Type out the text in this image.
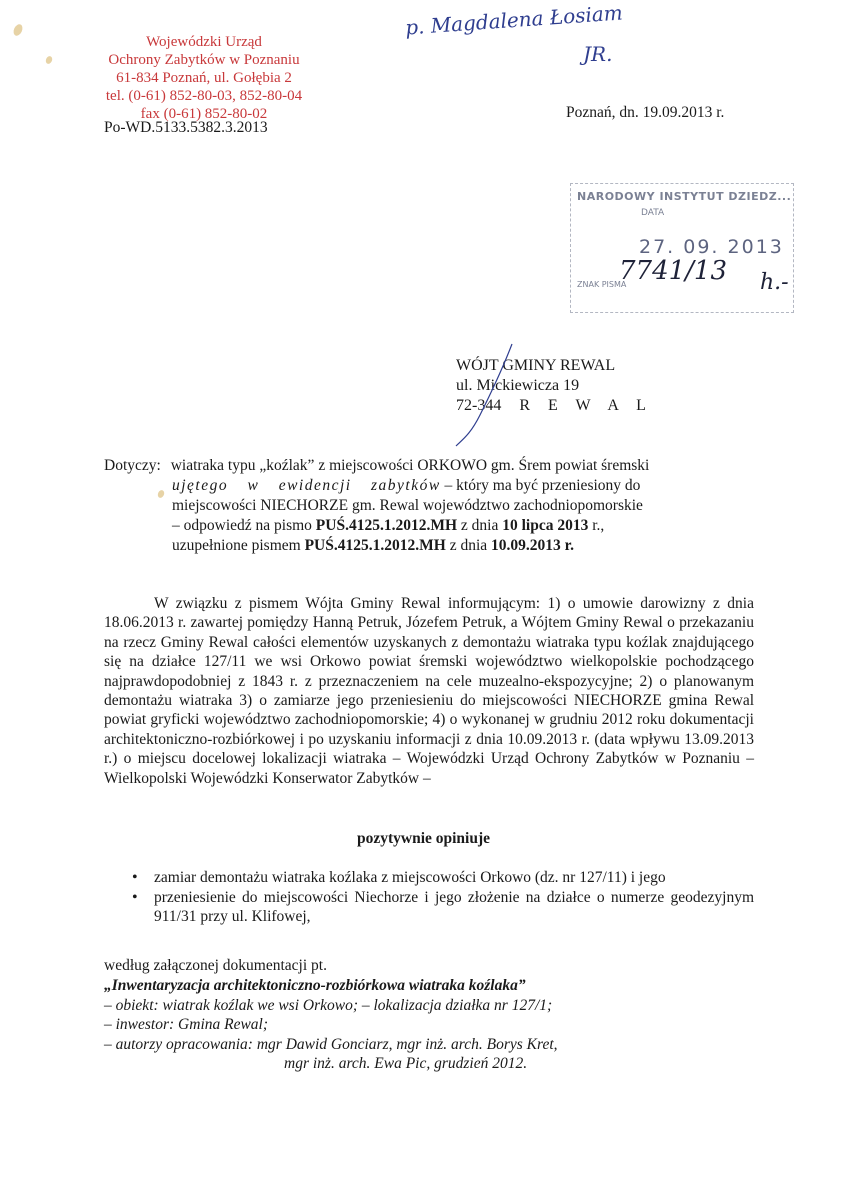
Wojewódzki Urząd
Ochrony Zabytków w Poznaniu
61-834 Poznań, ul. Gołębia 2
tel. (0-61) 852-80-03, 852-80-04
fax (0-61) 852-80-02
Po-WD.5133.5382.3.2013
p. Magdalena Łosiam
JR.
Poznań, dn. 19.09.2013 r.
NARODOWY INSTYTUT DZIEDZ...
DATA
27. 09. 2013
ZNAK PISMA
7741/13 h.-
WÓJT GMINY REWAL
ul. Mickiewicza 19
72-344 R E W A L
Dotyczy: wiatraka typu „koźlak” z miejscowości ORKOWO gm. Śrem powiat śremski
ujętego w ewidencji zabytków – który ma być przeniesiony do
miejscowości NIECHORZE gm. Rewal województwo zachodniopomorskie
– odpowiedź na pismo PUŚ.4125.1.2012.MH z dnia 10 lipca 2013 r.,
uzupełnione pismem PUŚ.4125.1.2012.MH z dnia 10.09.2013 r.
W związku z pismem Wójta Gminy Rewal informującym: 1) o umowie darowizny z dnia 18.06.2013 r. zawartej pomiędzy Hanną Petruk, Józefem Petruk, a Wójtem Gminy Rewal o przekazaniu na rzecz Gminy Rewal całości elementów uzyskanych z demontażu wiatraka typu koźlak znajdującego się na działce 127/11 we wsi Orkowo powiat śremski województwo wielkopolskie pochodzącego najprawdopodobniej z 1843 r. z przeznaczeniem na cele muzealno-ekspozycyjne; 2) o planowanym demontażu wiatraka 3) o zamiarze jego przeniesieniu do miejscowości NIECHORZE gmina Rewal powiat gryficki województwo zachodniopomorskie; 4) o wykonanej w grudniu 2012 roku dokumentacji architektoniczno-rozbiórkowej i po uzyskaniu informacji z dnia 10.09.2013 r. (data wpływu 13.09.2013 r.) o miejscu docelowej lokalizacji wiatraka – Wojewódzki Urząd Ochrony Zabytków w Poznaniu – Wielkopolski Wojewódzki Konserwator Zabytków –
pozytywnie opiniuje
• zamiar demontażu wiatraka koźlaka z miejscowości Orkowo (dz. nr 127/11) i jego
• przeniesienie do miejscowości Niechorze i jego złożenie na działce o numerze geodezyjnym 911/31 przy ul. Klifowej,
według załączonej dokumentacji pt.
„Inwentaryzacja architektoniczno-rozbiórkowa wiatraka koźlaka”
– obiekt: wiatrak koźlak we wsi Orkowo; – lokalizacja działka nr 127/1;
– inwestor: Gmina Rewal;
– autorzy opracowania: mgr Dawid Gonciarz, mgr inż. arch. Borys Kret,
mgr inż. arch. Ewa Pic, grudzień 2012.
